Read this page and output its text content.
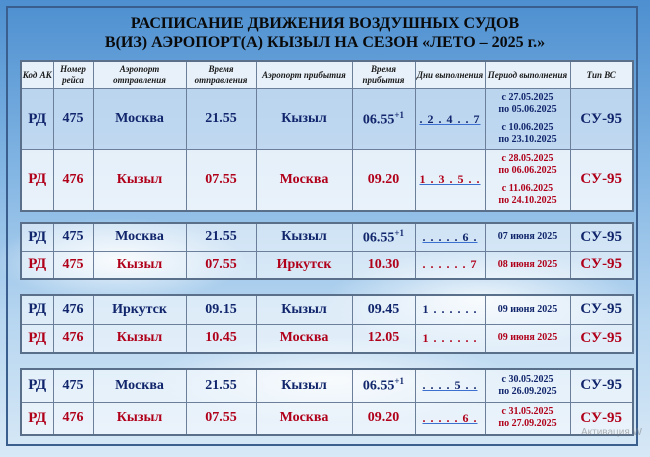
РАСПИСАНИЕ ДВИЖЕНИЯ ВОЗДУШНЫХ СУДОВ
В(ИЗ) АЭРОПОРТ(А) КЫЗЫЛ НА СЕЗОН «ЛЕТО – 2025 г.»
Код АК	Номер рейса	Аэропорт отправления	Время отправления	Аэропорт прибытия	Время прибытия	Дни выполнения	Период выполнения	Тип ВС
РД	475	Москва	21.55	Кызыл	$06.55^{+1}$	. 2 . 4 . . 7	с 27.05.2025
по 05.06.2025
с 10.06.2025
по 23.10.2025	СУ-95
РД	476	Кызыл	07.55	Москва	09.20	1 . 3 . 5 . .	с 28.05.2025
по 06.06.2025
с 11.06.2025
по 24.10.2025	СУ-95
РД	475	Москва	21.55	Кызыл	$06.55^{+1}$	. . . . . 6 .	07 июня 2025	СУ-95
РД	475	Кызыл	07.55	Иркутск	10.30	. . . . . . 7	08 июня 2025	СУ-95
РД	476	Иркутск	09.15	Кызыл	09.45	1 . . . . . .	09 июня 2025	СУ-95
РД	476	Кызыл	10.45	Москва	12.05	1 . . . . . .	09 июня 2025	СУ-95
РД	475	Москва	21.55	Кызыл	$06.55^{+1}$	. . . . 5 . .	с 30.05.2025
по 26.09.2025	СУ-95
РД	476	Кызыл	07.55	Москва	09.20	. . . . . 6 .	с 31.05.2025
по 27.09.2025	СУ-95
Активация W
